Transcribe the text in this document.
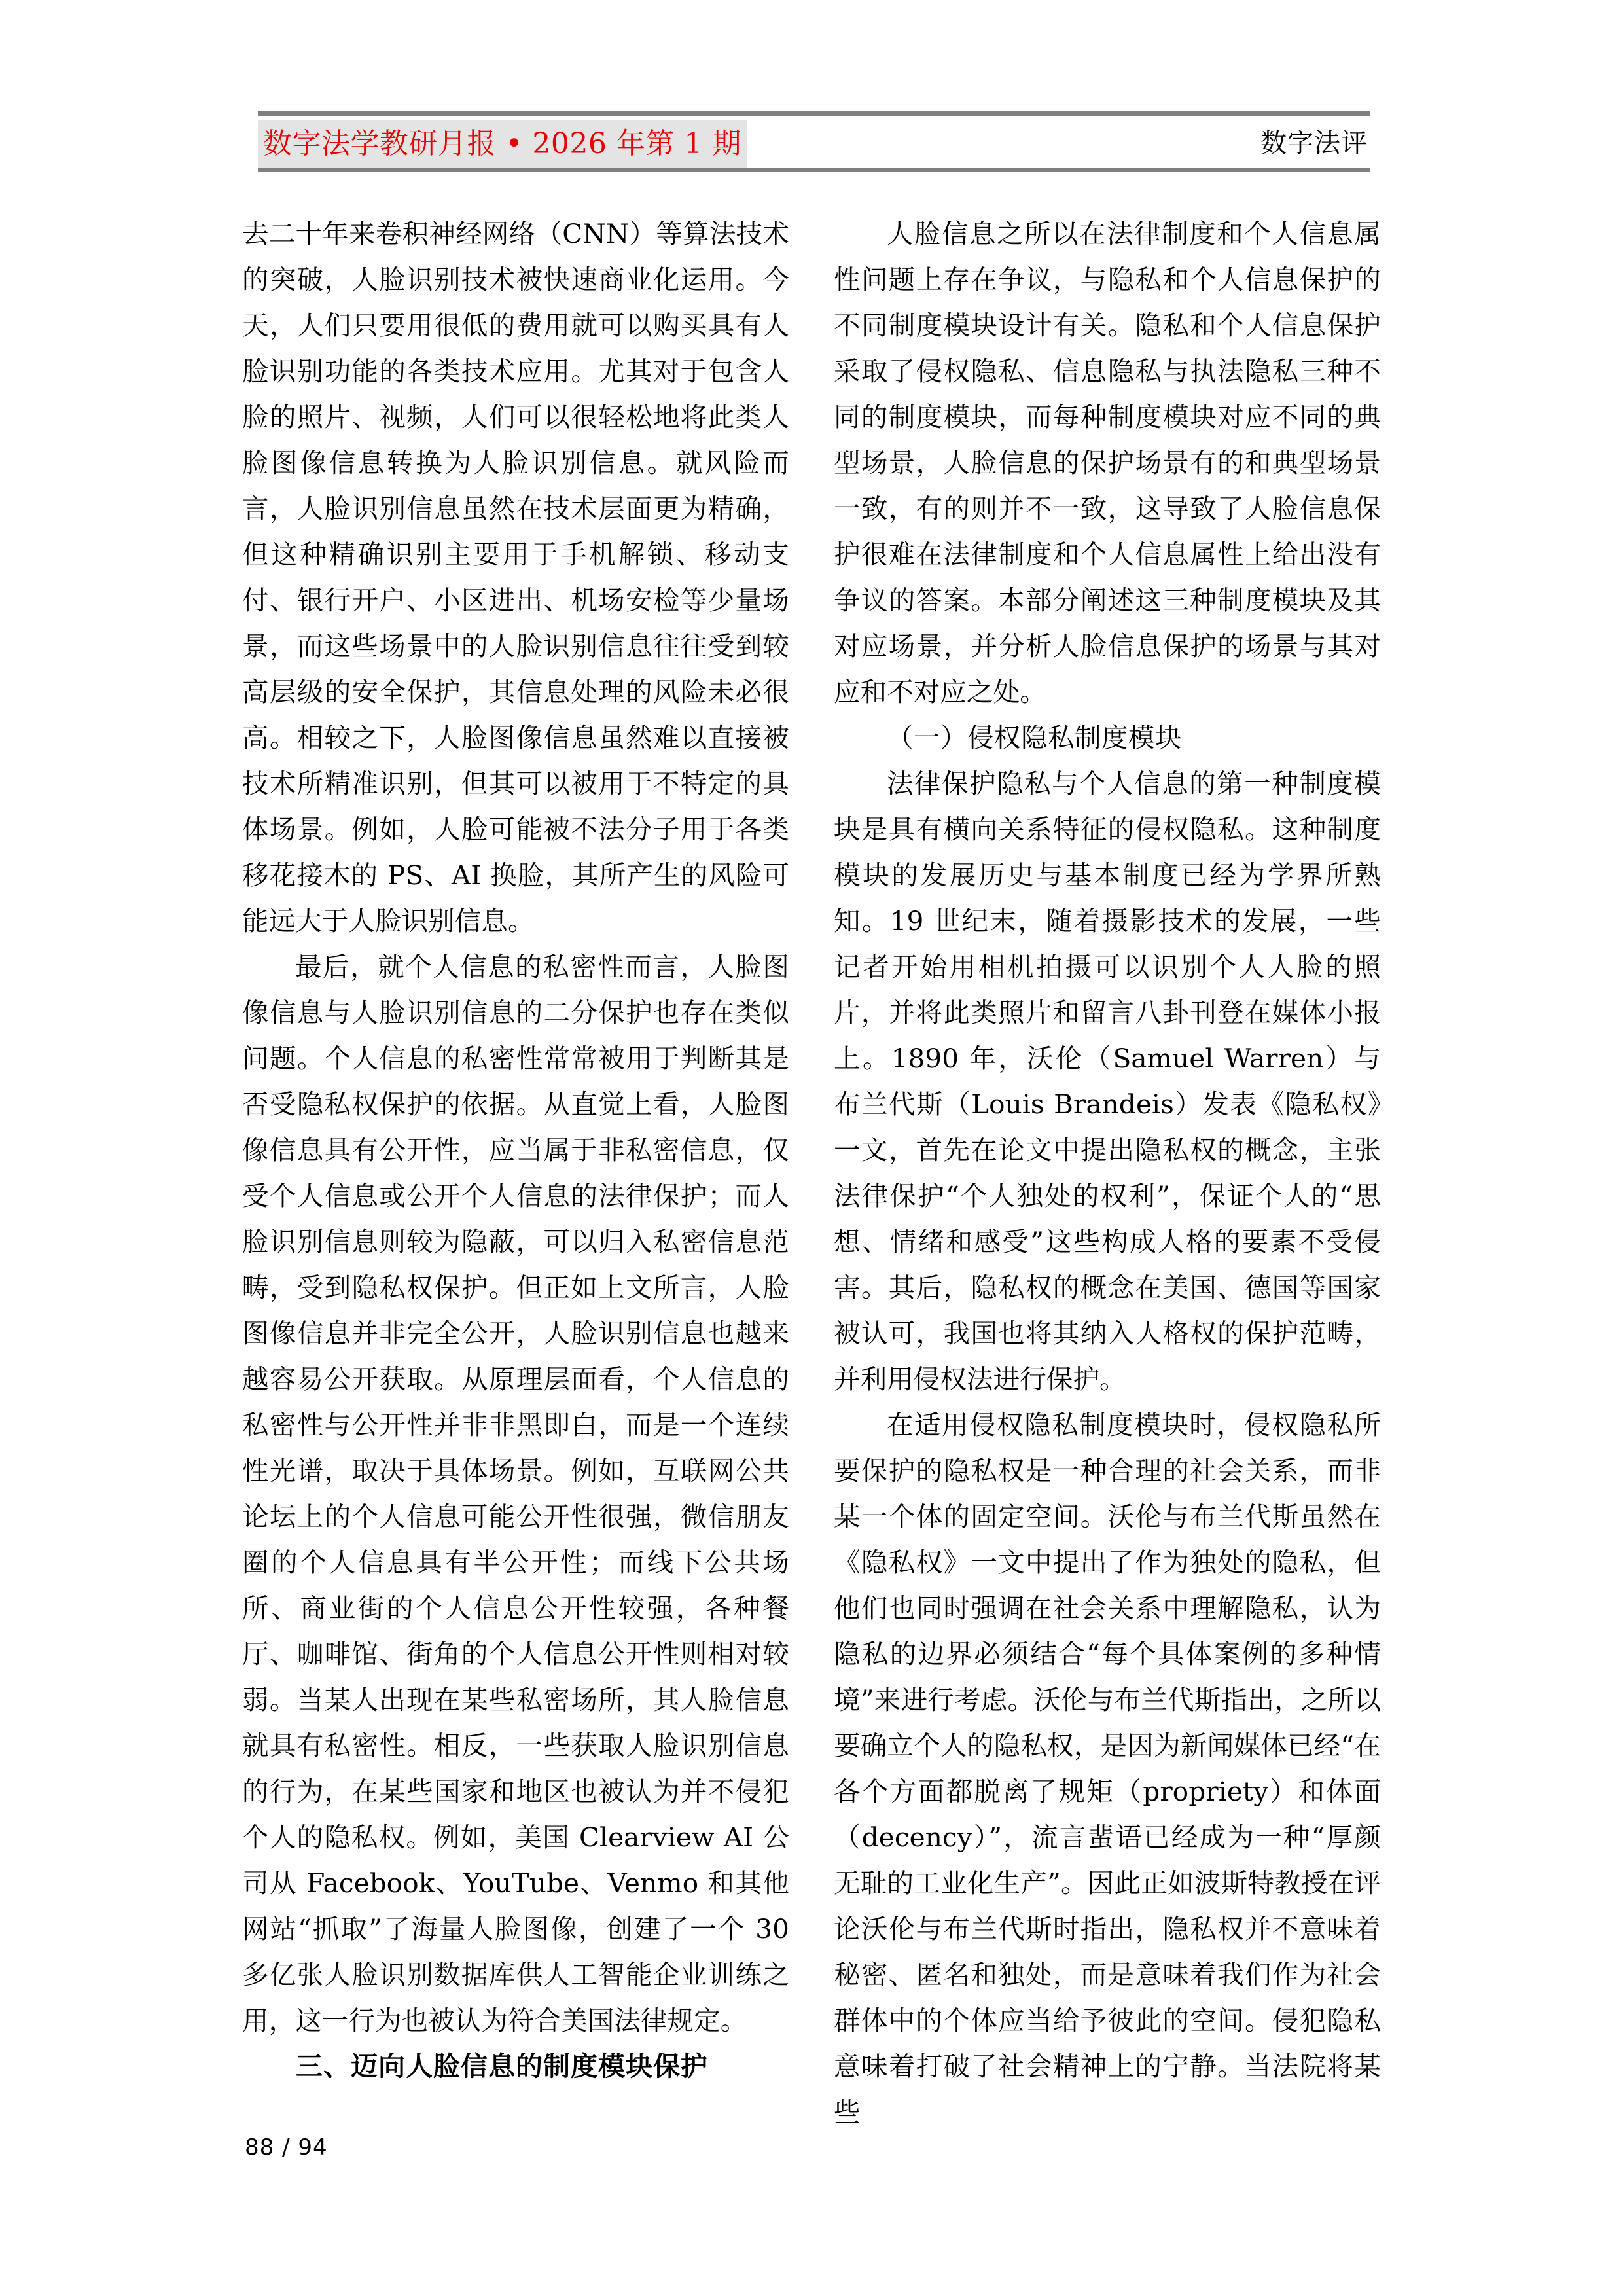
数字法学教研月报 • 2026 年第 1 期	数字法评

去二十年来卷积神经网络（CNN）等算法技术的突破，人脸识别技术被快速商业化运用。今天，人们只要用很低的费用就可以购买具有人脸识别功能的各类技术应用。尤其对于包含人脸的照片、视频，人们可以很轻松地将此类人脸图像信息转换为人脸识别信息。就风险而言，人脸识别信息虽然在技术层面更为精确，但这种精确识别主要用于手机解锁、移动支付、银行开户、小区进出、机场安检等少量场景，而这些场景中的人脸识别信息往往受到较高层级的安全保护，其信息处理的风险未必很高。相较之下，人脸图像信息虽然难以直接被技术所精准识别，但其可以被用于不特定的具体场景。例如，人脸可能被不法分子用于各类移花接木的 PS、AI 换脸，其所产生的风险可能远大于人脸识别信息。

最后，就个人信息的私密性而言，人脸图像信息与人脸识别信息的二分保护也存在类似问题。个人信息的私密性常常被用于判断其是否受隐私权保护的依据。从直觉上看，人脸图像信息具有公开性，应当属于非私密信息，仅受个人信息或公开个人信息的法律保护；而人脸识别信息则较为隐蔽，可以归入私密信息范畴，受到隐私权保护。但正如上文所言，人脸图像信息并非完全公开，人脸识别信息也越来越容易公开获取。从原理层面看，个人信息的私密性与公开性并非非黑即白，而是一个连续性光谱，取决于具体场景。例如，互联网公共论坛上的个人信息可能公开性很强，微信朋友圈的个人信息具有半公开性；而线下公共场所、商业街的个人信息公开性较强，各种餐厅、咖啡馆、街角的个人信息公开性则相对较弱。当某人出现在某些私密场所，其人脸信息就具有私密性。相反，一些获取人脸识别信息的行为，在某些国家和地区也被认为并不侵犯个人的隐私权。例如，美国 Clearview AI 公司从 Facebook、YouTube、Venmo 和其他网站“抓取”了海量人脸图像，创建了一个 30 多亿张人脸识别数据库供人工智能企业训练之用，这一行为也被认为符合美国法律规定。

三、迈向人脸信息的制度模块保护

人脸信息之所以在法律制度和个人信息属性问题上存在争议，与隐私和个人信息保护的不同制度模块设计有关。隐私和个人信息保护采取了侵权隐私、信息隐私与执法隐私三种不同的制度模块，而每种制度模块对应不同的典型场景，人脸信息的保护场景有的和典型场景一致，有的则并不一致，这导致了人脸信息保护很难在法律制度和个人信息属性上给出没有争议的答案。本部分阐述这三种制度模块及其对应场景，并分析人脸信息保护的场景与其对应和不对应之处。

（一）侵权隐私制度模块

法律保护隐私与个人信息的第一种制度模块是具有横向关系特征的侵权隐私。这种制度模块的发展历史与基本制度已经为学界所熟知。19 世纪末，随着摄影技术的发展，一些记者开始用相机拍摄可以识别个人人脸的照片，并将此类照片和留言八卦刊登在媒体小报上。1890 年，沃伦（Samuel Warren）与布兰代斯（Louis Brandeis）发表《隐私权》一文，首先在论文中提出隐私权的概念，主张法律保护“个人独处的权利”，保证个人的“思想、情绪和感受”这些构成人格的要素不受侵害。其后，隐私权的概念在美国、德国等国家被认可，我国也将其纳入人格权的保护范畴，并利用侵权法进行保护。

在适用侵权隐私制度模块时，侵权隐私所要保护的隐私权是一种合理的社会关系，而非某一个体的固定空间。沃伦与布兰代斯虽然在《隐私权》一文中提出了作为独处的隐私，但他们也同时强调在社会关系中理解隐私，认为隐私的边界必须结合“每个具体案例的多种情境”来进行考虑。沃伦与布兰代斯指出，之所以要确立个人的隐私权，是因为新闻媒体已经“在各个方面都脱离了规矩（propriety）和体面（decency）”，流言蜚语已经成为一种“厚颜无耻的工业化生产”。因此正如波斯特教授在评论沃伦与布兰代斯时指出，隐私权并不意味着秘密、匿名和独处，而是意味着我们作为社会群体中的个体应当给予彼此的空间。侵犯隐私意味着打破了社会精神上的宁静。当法院将某些

88 / 94
